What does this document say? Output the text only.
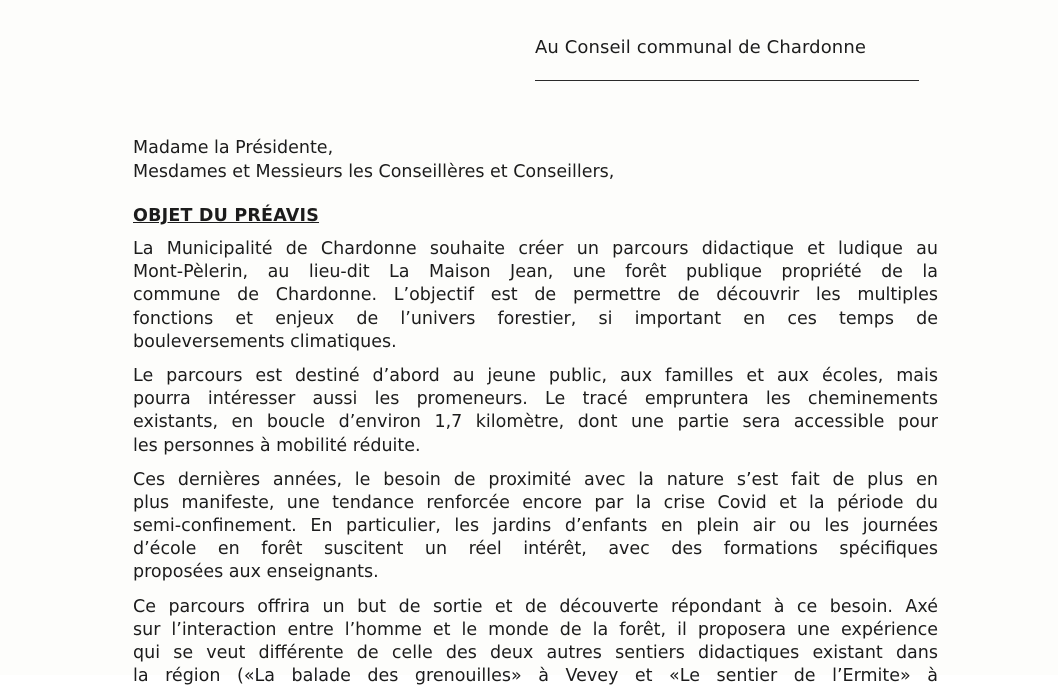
Au Conseil communal de Chardonne
Madame la Présidente,
Mesdames et Messieurs les Conseillères et Conseillers,
OBJET DU PRÉAVIS
La Municipalité de Chardonne souhaite créer un parcours didactique et ludique au
Mont-Pèlerin, au lieu-dit La Maison Jean, une forêt publique propriété de la
commune de Chardonne. L’objectif est de permettre de découvrir les multiples
fonctions et enjeux de l’univers forestier, si important en ces temps de
bouleversements climatiques.
Le parcours est destiné d’abord au jeune public, aux familles et aux écoles, mais
pourra intéresser aussi les promeneurs. Le tracé empruntera les cheminements
existants, en boucle d’environ 1,7 kilomètre, dont une partie sera accessible pour
les personnes à mobilité réduite.
Ces dernières années, le besoin de proximité avec la nature s’est fait de plus en
plus manifeste, une tendance renforcée encore par la crise Covid et la période du
semi-confinement. En particulier, les jardins d’enfants en plein air ou les journées
d’école en forêt suscitent un réel intérêt, avec des formations spécifiques
proposées aux enseignants.
Ce parcours offrira un but de sortie et de découverte répondant à ce besoin. Axé
sur l’interaction entre l’homme et le monde de la forêt, il proposera une expérience
qui se veut différente de celle des deux autres sentiers didactiques existant dans
la région («La balade des grenouilles» à Vevey et «Le sentier de l’Ermite» à
